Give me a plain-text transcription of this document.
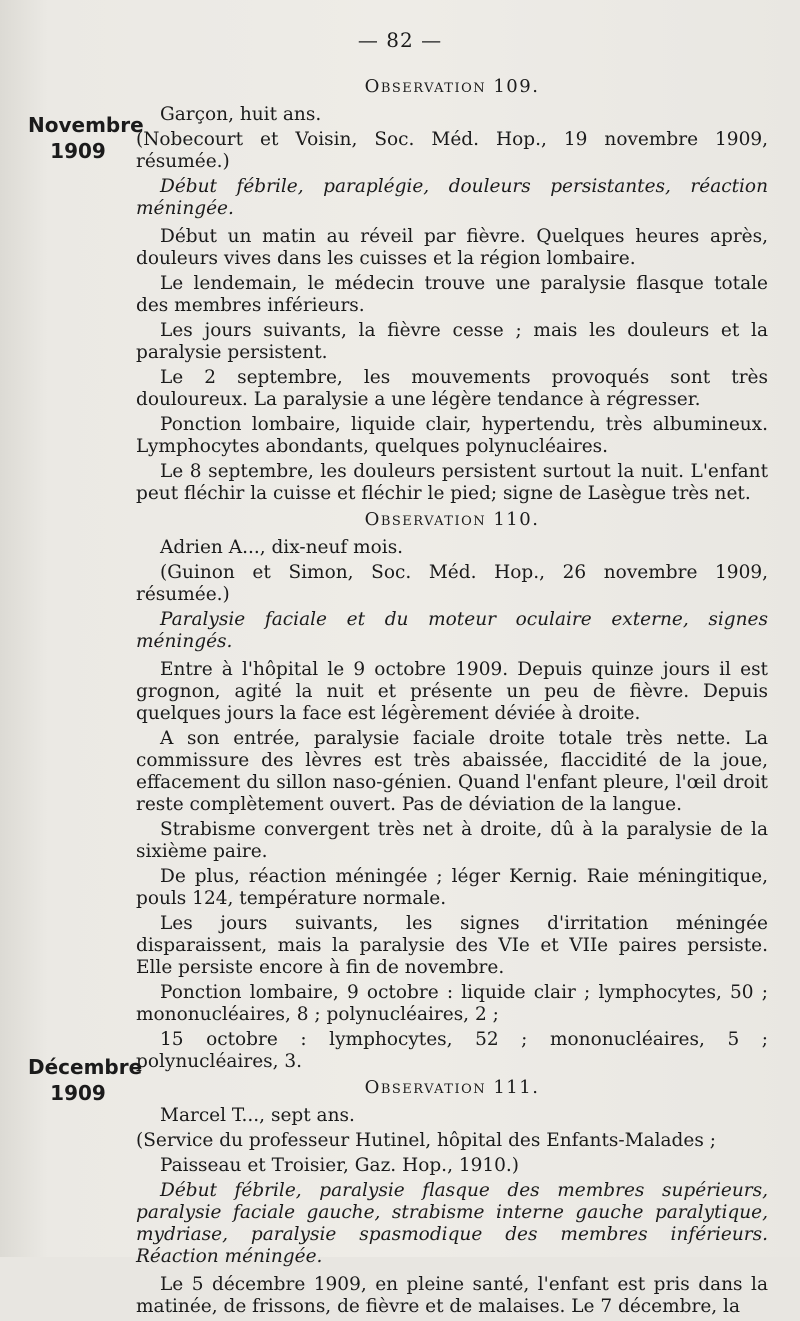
— 82 —
Novembre
1909
Décembre
1909
Observation 109.
Garçon, huit ans.
(Nobecourt et Voisin, Soc. Méd. Hop., 19 novembre 1909, résumée.)
Début fébrile, paraplégie, douleurs persistantes, réaction méningée.
Début un matin au réveil par fièvre. Quelques heures après, douleurs vives dans les cuisses et la région lombaire.
Le lendemain, le médecin trouve une paralysie flasque totale des membres inférieurs.
Les jours suivants, la fièvre cesse ; mais les douleurs et la paralysie persistent.
Le 2 septembre, les mouvements provoqués sont très douloureux. La paralysie a une légère tendance à régresser.
Ponction lombaire, liquide clair, hypertendu, très albumineux. Lymphocytes abondants, quelques polynucléaires.
Le 8 septembre, les douleurs persistent surtout la nuit. L'enfant peut fléchir la cuisse et fléchir le pied; signe de Lasègue très net.
Observation 110.
Adrien A..., dix-neuf mois.
(Guinon et Simon, Soc. Méd. Hop., 26 novembre 1909, résumée.)
Paralysie faciale et du moteur oculaire externe, signes méningés.
Entre à l'hôpital le 9 octobre 1909. Depuis quinze jours il est grognon, agité la nuit et présente un peu de fièvre. Depuis quelques jours la face est légèrement déviée à droite.
A son entrée, paralysie faciale droite totale très nette. La commissure des lèvres est très abaissée, flaccidité de la joue, effacement du sillon naso-génien. Quand l'enfant pleure, l'œil droit reste complètement ouvert. Pas de déviation de la langue.
Strabisme convergent très net à droite, dû à la paralysie de la sixième paire.
De plus, réaction méningée ; léger Kernig. Raie méningitique, pouls 124, température normale.
Les jours suivants, les signes d'irritation méningée disparaissent, mais la paralysie des VIe et VIIe paires persiste. Elle persiste encore à fin de novembre.
Ponction lombaire, 9 octobre : liquide clair ; lymphocytes, 50 ; mononucléaires, 8 ; polynucléaires, 2 ;
15 octobre : lymphocytes, 52 ; mononucléaires, 5 ; polynucléaires, 3.
Observation 111.
Marcel T..., sept ans.
(Service du professeur Hutinel, hôpital des Enfants-Malades ;
Paisseau et Troisier, Gaz. Hop., 1910.)
Début fébrile, paralysie flasque des membres supérieurs, paralysie faciale gauche, strabisme interne gauche paralytique, mydriase, paralysie spasmodique des membres inférieurs. Réaction méningée.
Le 5 décembre 1909, en pleine santé, l'enfant est pris dans la matinée, de frissons, de fièvre et de malaises. Le 7 décembre, la
